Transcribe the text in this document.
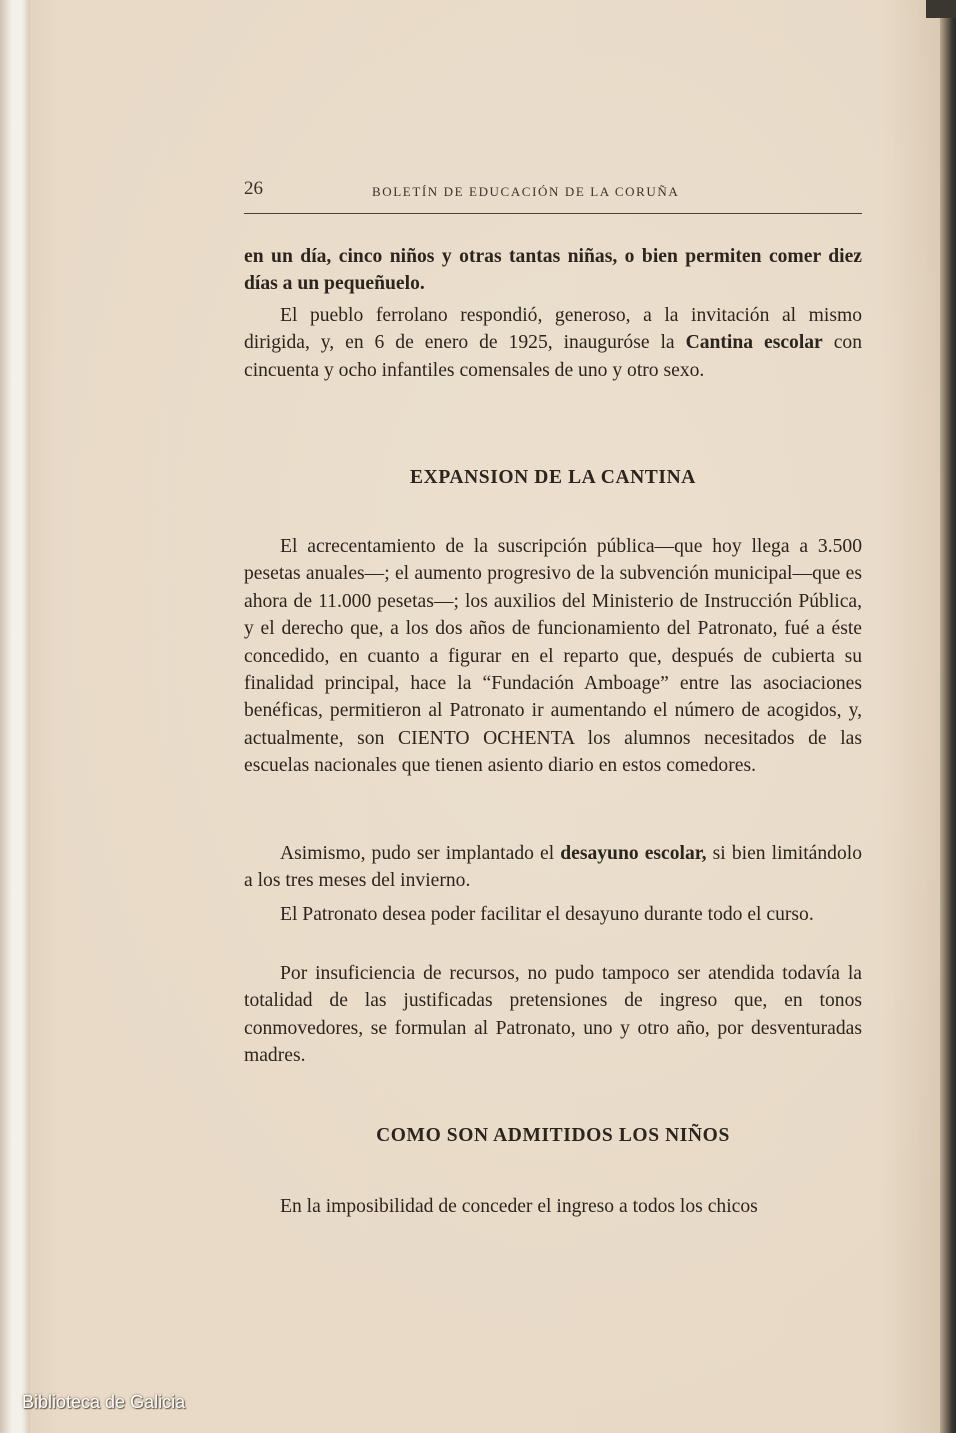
26	BOLETÍN DE EDUCACIÓN DE LA CORUÑA

en un día, cinco niños y otras tantas niñas, o bien permiten comer diez días a un pequeñuelo.

El pueblo ferrolano respondió, generoso, a la invitación al mismo dirigida, y, en 6 de enero de 1925, inauguróse la Cantina escolar con cincuenta y ocho infantiles comensales de uno y otro sexo.

EXPANSION DE LA CANTINA

El acrecentamiento de la suscripción pública—que hoy llega a 3.500 pesetas anuales—; el aumento progresivo de la subvención municipal—que es ahora de 11.000 pesetas—; los auxilios del Ministerio de Instrucción Pública, y el derecho que, a los dos años de funcionamiento del Patronato, fué a éste concedido, en cuanto a figurar en el reparto que, después de cubierta su finalidad principal, hace la “Fundación Amboage” entre las asociaciones benéficas, permitieron al Patronato ir aumentando el número de acogidos, y, actualmente, son CIENTO OCHENTA los alumnos necesitados de las escuelas nacionales que tienen asiento diario en estos comedores.

Asimismo, pudo ser implantado el desayuno escolar, si bien limitándolo a los tres meses del invierno.

El Patronato desea poder facilitar el desayuno durante todo el curso.

Por insuficiencia de recursos, no pudo tampoco ser atendida todavía la totalidad de las justificadas pretensiones de ingreso que, en tonos conmovedores, se formulan al Patronato, uno y otro año, por desventuradas madres.

COMO SON ADMITIDOS LOS NIÑOS

En la imposibilidad de conceder el ingreso a todos los chicos

Biblioteca de Galicia
